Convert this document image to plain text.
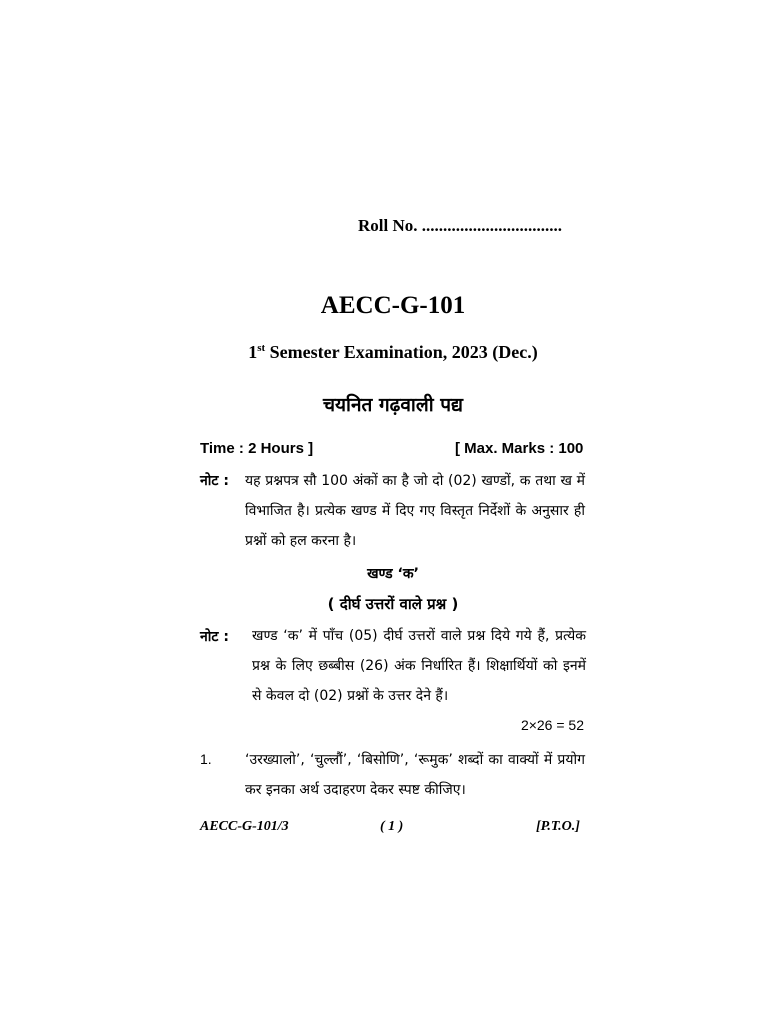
Roll No. .................................
AECC-G-101
1st Semester Examination, 2023 (Dec.)
चयनित गढ़वाली पद्य
Time : 2 Hours ]	[ Max. Marks : 100
नोट : यह प्रश्नपत्र सौ 100 अंकों का है जो दो (02) खण्डों, क तथा ख में विभाजित है। प्रत्येक खण्ड में दिए गए विस्तृत निर्देशों के अनुसार ही प्रश्नों को हल करना है।
खण्ड ‘क’
( दीर्घ उत्तरों वाले प्रश्न )
नोट : खण्ड ‘क’ में पाँच (05) दीर्घ उत्तरों वाले प्रश्न दिये गये हैं, प्रत्येक प्रश्न के लिए छब्बीस (26) अंक निर्धारित हैं। शिक्षार्थियों को इनमें से केवल दो (02) प्रश्नों के उत्तर देने हैं।
2×26 = 52
1. ‘उरख्यालो’, ‘चुल्लौं’, ‘बिसोणि’, ‘रूमुक’ शब्दों का वाक्यों में प्रयोग कर इनका अर्थ उदाहरण देकर स्पष्ट कीजिए।
AECC-G-101/3	( 1 )	[P.T.O.]
